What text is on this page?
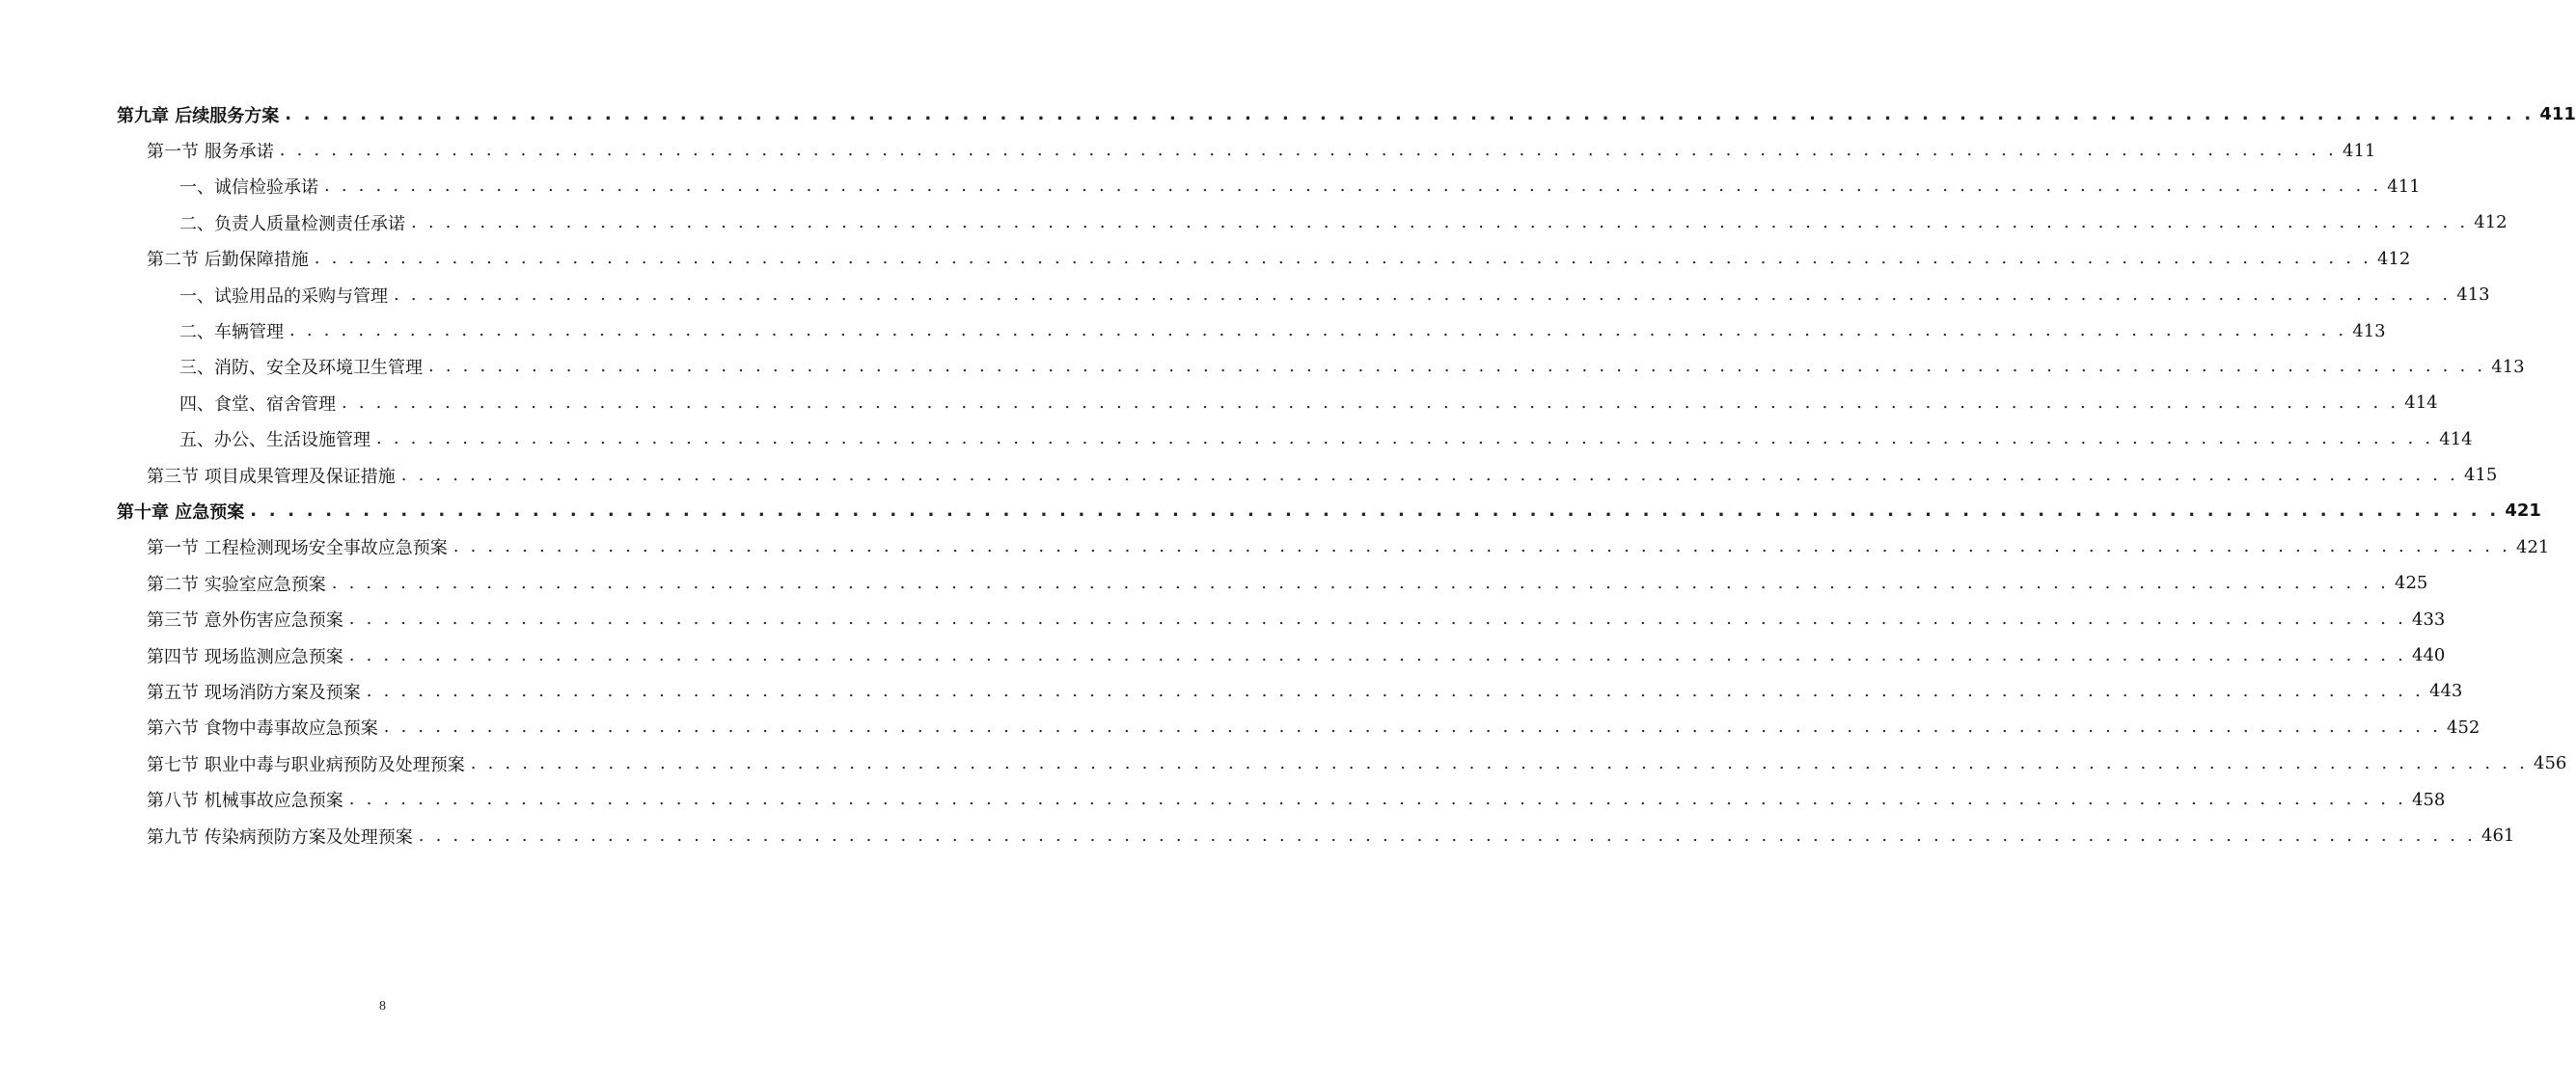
第九章 后续服务方案 . . . . . . . . . . . . . . . . . . . . . . . . . . . . . . . . . . . . . . . . . . . . . . . . . . . . . . . . . . . . . . . . . . . . . . . . . . . . . . . . . . . . . . . . . . . . . . . . . . . . . . . . . . . . . . . . . . . . . . . . 411
第一节 服务承诺 . . . . . . . . . . . . . . . . . . . . . . . . . . . . . . . . . . . . . . . . . . . . . . . . . . . . . . . . . . . . . . . . . . . . . . . . . . . . . . . . . . . . . . . . . . . . . . . . . . . . . . . . . . . . . . . . . . . . . . . . 411
一、诚信检验承诺 . . . . . . . . . . . . . . . . . . . . . . . . . . . . . . . . . . . . . . . . . . . . . . . . . . . . . . . . . . . . . . . . . . . . . . . . . . . . . . . . . . . . . . . . . . . . . . . . . . . . . . . . . . . . . . . . . . . . . . . . 411
二、负责人质量检测责任承诺 . . . . . . . . . . . . . . . . . . . . . . . . . . . . . . . . . . . . . . . . . . . . . . . . . . . . . . . . . . . . . . . . . . . . . . . . . . . . . . . . . . . . . . . . . . . . . . . . . . . . . . . . . . . . . . . . . . . . . . . . 412
第二节 后勤保障措施 . . . . . . . . . . . . . . . . . . . . . . . . . . . . . . . . . . . . . . . . . . . . . . . . . . . . . . . . . . . . . . . . . . . . . . . . . . . . . . . . . . . . . . . . . . . . . . . . . . . . . . . . . . . . . . . . . . . . . . . . 412
一、试验用品的采购与管理 . . . . . . . . . . . . . . . . . . . . . . . . . . . . . . . . . . . . . . . . . . . . . . . . . . . . . . . . . . . . . . . . . . . . . . . . . . . . . . . . . . . . . . . . . . . . . . . . . . . . . . . . . . . . . . . . . . . . . . . . 413
二、车辆管理 . . . . . . . . . . . . . . . . . . . . . . . . . . . . . . . . . . . . . . . . . . . . . . . . . . . . . . . . . . . . . . . . . . . . . . . . . . . . . . . . . . . . . . . . . . . . . . . . . . . . . . . . . . . . . . . . . . . . . . . . 413
三、消防、安全及环境卫生管理 . . . . . . . . . . . . . . . . . . . . . . . . . . . . . . . . . . . . . . . . . . . . . . . . . . . . . . . . . . . . . . . . . . . . . . . . . . . . . . . . . . . . . . . . . . . . . . . . . . . . . . . . . . . . . . . . . . . . . . . . 413
四、食堂、宿舍管理 . . . . . . . . . . . . . . . . . . . . . . . . . . . . . . . . . . . . . . . . . . . . . . . . . . . . . . . . . . . . . . . . . . . . . . . . . . . . . . . . . . . . . . . . . . . . . . . . . . . . . . . . . . . . . . . . . . . . . . . . 414
五、办公、生活设施管理 . . . . . . . . . . . . . . . . . . . . . . . . . . . . . . . . . . . . . . . . . . . . . . . . . . . . . . . . . . . . . . . . . . . . . . . . . . . . . . . . . . . . . . . . . . . . . . . . . . . . . . . . . . . . . . . . . . . . . . . . 414
第三节 项目成果管理及保证措施 . . . . . . . . . . . . . . . . . . . . . . . . . . . . . . . . . . . . . . . . . . . . . . . . . . . . . . . . . . . . . . . . . . . . . . . . . . . . . . . . . . . . . . . . . . . . . . . . . . . . . . . . . . . . . . . . . . . . . . . . 415
第十章 应急预案 . . . . . . . . . . . . . . . . . . . . . . . . . . . . . . . . . . . . . . . . . . . . . . . . . . . . . . . . . . . . . . . . . . . . . . . . . . . . . . . . . . . . . . . . . . . . . . . . . . . . . . . . . . . . . . . . . . . . . . . . 421
第一节 工程检测现场安全事故应急预案 . . . . . . . . . . . . . . . . . . . . . . . . . . . . . . . . . . . . . . . . . . . . . . . . . . . . . . . . . . . . . . . . . . . . . . . . . . . . . . . . . . . . . . . . . . . . . . . . . . . . . . . . . . . . . . . . . . . . . . . . 421
第二节 实验室应急预案 . . . . . . . . . . . . . . . . . . . . . . . . . . . . . . . . . . . . . . . . . . . . . . . . . . . . . . . . . . . . . . . . . . . . . . . . . . . . . . . . . . . . . . . . . . . . . . . . . . . . . . . . . . . . . . . . . . . . . . . . 425
第三节 意外伤害应急预案 . . . . . . . . . . . . . . . . . . . . . . . . . . . . . . . . . . . . . . . . . . . . . . . . . . . . . . . . . . . . . . . . . . . . . . . . . . . . . . . . . . . . . . . . . . . . . . . . . . . . . . . . . . . . . . . . . . . . . . . . 433
第四节 现场监测应急预案 . . . . . . . . . . . . . . . . . . . . . . . . . . . . . . . . . . . . . . . . . . . . . . . . . . . . . . . . . . . . . . . . . . . . . . . . . . . . . . . . . . . . . . . . . . . . . . . . . . . . . . . . . . . . . . . . . . . . . . . . 440
第五节 现场消防方案及预案 . . . . . . . . . . . . . . . . . . . . . . . . . . . . . . . . . . . . . . . . . . . . . . . . . . . . . . . . . . . . . . . . . . . . . . . . . . . . . . . . . . . . . . . . . . . . . . . . . . . . . . . . . . . . . . . . . . . . . . . . 443
第六节 食物中毒事故应急预案 . . . . . . . . . . . . . . . . . . . . . . . . . . . . . . . . . . . . . . . . . . . . . . . . . . . . . . . . . . . . . . . . . . . . . . . . . . . . . . . . . . . . . . . . . . . . . . . . . . . . . . . . . . . . . . . . . . . . . . . . 452
第七节 职业中毒与职业病预防及处理预案 . . . . . . . . . . . . . . . . . . . . . . . . . . . . . . . . . . . . . . . . . . . . . . . . . . . . . . . . . . . . . . . . . . . . . . . . . . . . . . . . . . . . . . . . . . . . . . . . . . . . . . . . . . . . . . . . . . . . . . . . 456
第八节 机械事故应急预案 . . . . . . . . . . . . . . . . . . . . . . . . . . . . . . . . . . . . . . . . . . . . . . . . . . . . . . . . . . . . . . . . . . . . . . . . . . . . . . . . . . . . . . . . . . . . . . . . . . . . . . . . . . . . . . . . . . . . . . . . 458
第九节 传染病预防方案及处理预案 . . . . . . . . . . . . . . . . . . . . . . . . . . . . . . . . . . . . . . . . . . . . . . . . . . . . . . . . . . . . . . . . . . . . . . . . . . . . . . . . . . . . . . . . . . . . . . . . . . . . . . . . . . . . . . . . . . . . . . . . 461
8
